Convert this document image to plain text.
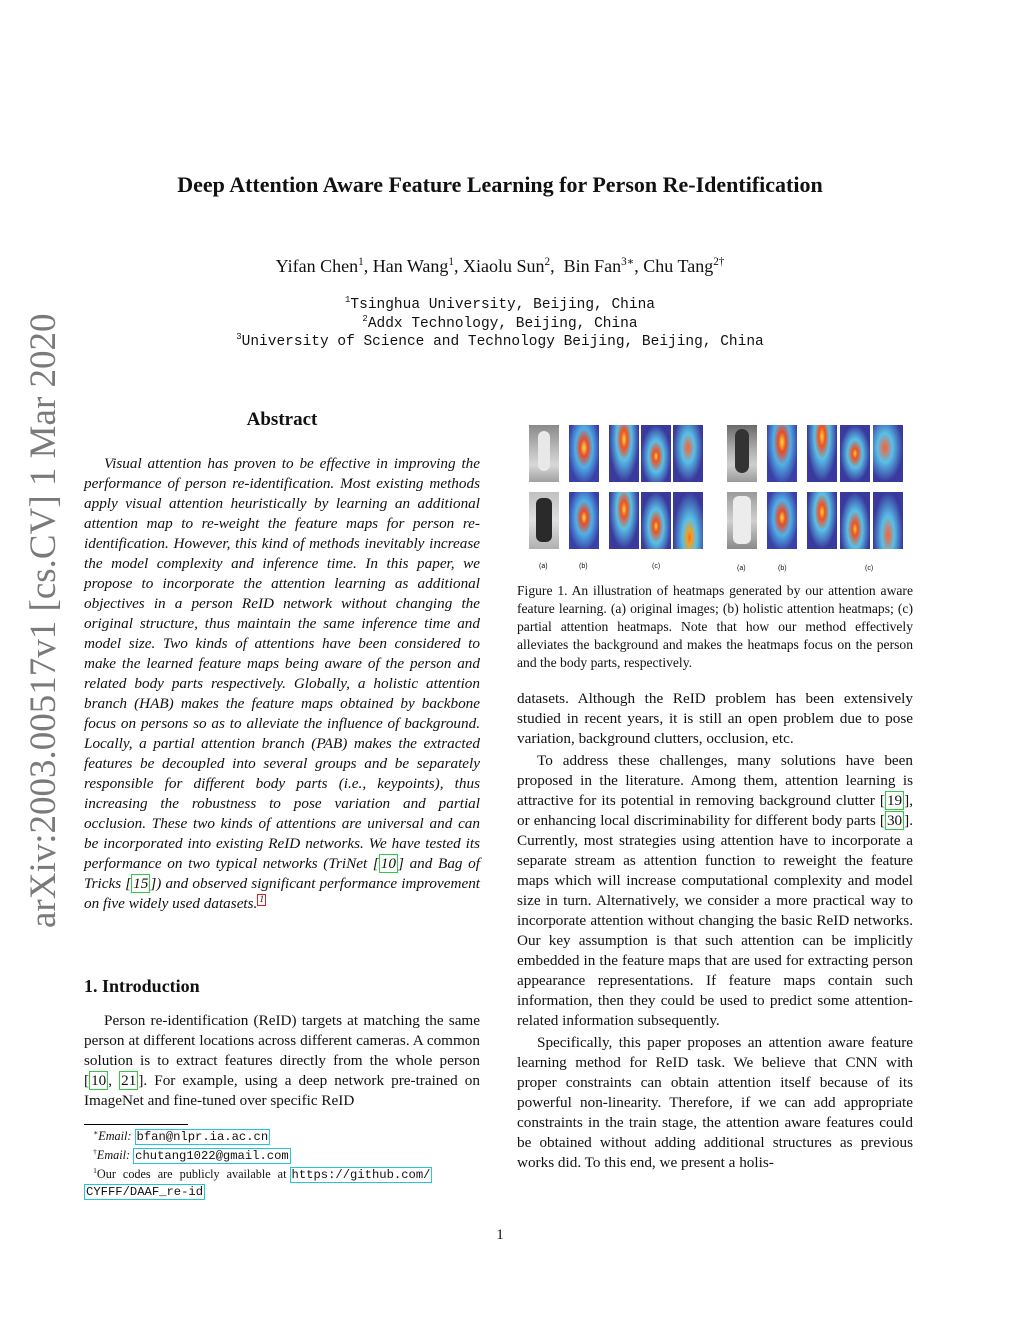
arXiv:2003.00517v1 [cs.CV] 1 Mar 2020
Deep Attention Aware Feature Learning for Person Re-Identification
Yifan Chen$^1$, Han Wang$^1$, Xiaolu Sun$^2$,  Bin Fan$^{3∗}$, Chu Tang$^{2\dagger}$
$^1$Tsinghua University, Beijing, China
$^2$Addx Technology, Beijing, China
$^3$University of Science and Technology Beijing, Beijing, China
Abstract

Visual attention has proven to be effective in improving the performance of person re-identification. Most existing methods apply visual attention heuristically by learning an additional attention map to re-weight the feature maps for person re-identification. However, this kind of methods inevitably increase the model complexity and inference time. In this paper, we propose to incorporate the attention learning as additional objectives in a person ReID network without changing the original structure, thus maintain the same inference time and model size. Two kinds of attentions have been considered to make the learned feature maps being aware of the person and related body parts respectively. Globally, a holistic attention branch (HAB) makes the feature maps obtained by backbone focus on persons so as to alleviate the influence of background. Locally, a partial attention branch (PAB) makes the extracted features be decoupled into several groups and be separately responsible for different body parts (i.e., keypoints), thus increasing the robustness to pose variation and partial occlusion. These two kinds of attentions are universal and can be incorporated into existing ReID networks. We have tested its performance on two typical networks (TriNet [ 10 ] and Bag of Tricks [ 15 ]) and observed significant performance improvement on five widely used datasets. $^1$

1. Introduction

Person re-identification (ReID) targets at matching the same person at different locations across different cameras. A common solution is to extract features directly from the whole person [ 10 , 21 ]. For example, using a deep network pre-trained on ImageNet and fine-tuned over specific ReID

∗Email: bfan@nlpr.ia.ac.cn
†Email: chutang1022@gmail.com
$^1$Our codes are publicly available at https://github.com/
CYFFF/DAAF_re-id
(a)	(b)	(c)	(a)	(b)	(c)
Figure 1. An illustration of heatmaps generated by our attention aware feature learning. (a) original images; (b) holistic attention heatmaps; (c) partial attention heatmaps. Note that how our method effectively alleviates the background and makes the heatmaps focus on the person and the body parts, respectively.

datasets. Although the ReID problem has been extensively studied in recent years, it is still an open problem due to pose variation, background clutters, occlusion, etc.

To address these challenges, many solutions have been proposed in the literature. Among them, attention learning is attractive for its potential in removing background clutter [ 19 ], or enhancing local discriminability for different body parts [ 30 ]. Currently, most strategies using attention have to incorporate a separate stream as attention function to reweight the feature maps which will increase computational complexity and model size in turn. Alternatively, we consider a more practical way to incorporate attention without changing the basic ReID networks. Our key assumption is that such attention can be implicitly embedded in the feature maps that are used for extracting person appearance representations. If feature maps contain such information, then they could be used to predict some attention-related information subsequently.

Specifically, this paper proposes an attention aware feature learning method for ReID task. We believe that CNN with proper constraints can obtain attention itself because of its powerful non-linearity. Therefore, if we can add appropriate constraints in the train stage, the attention aware features could be obtained without adding additional structures as previous works did. To this end, we present a holis-

1
